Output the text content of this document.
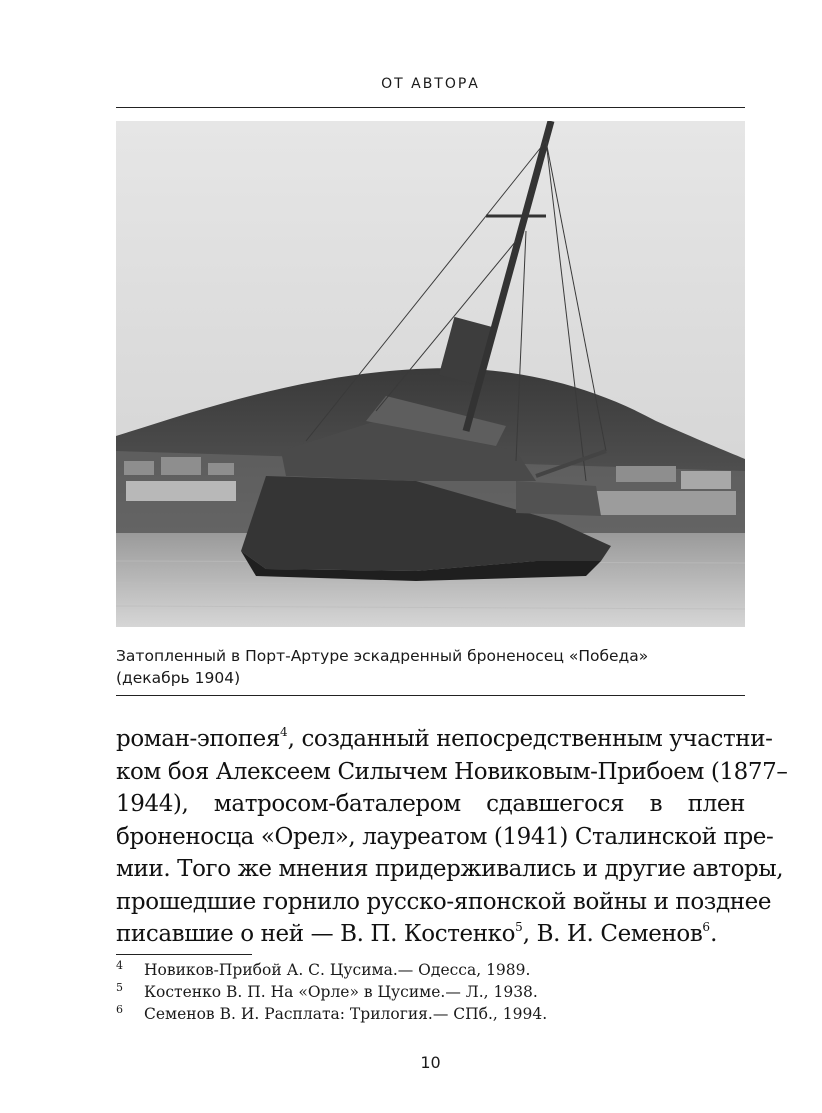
ОТ АВТОРА
Затопленный в Порт-Артуре эскадренный броненосец «Победа»
(декабрь 1904)
роман-эпопея$^4$, созданный непосредственным участни-
ком боя Алексеем Силычем Новиковым-Прибоем (1877–
1944), матросом-баталером сдавшегося в плен
броненосца «Орел», лауреатом (1941) Сталинской пре-
мии. Того же мнения придерживались и другие авторы,
прошедшие горнило русско-японской войны и позднее
писавшие о ней — В. П. Костенко$^5$, В. И. Семенов$^6$.
4	Новиков-Прибой А. С. Цусима.— Одесса, 1989.
5	Костенко В. П. На «Орле» в Цусиме.— Л., 1938.
6	Семенов В. И. Расплата: Трилогия.— СПб., 1994.
10
